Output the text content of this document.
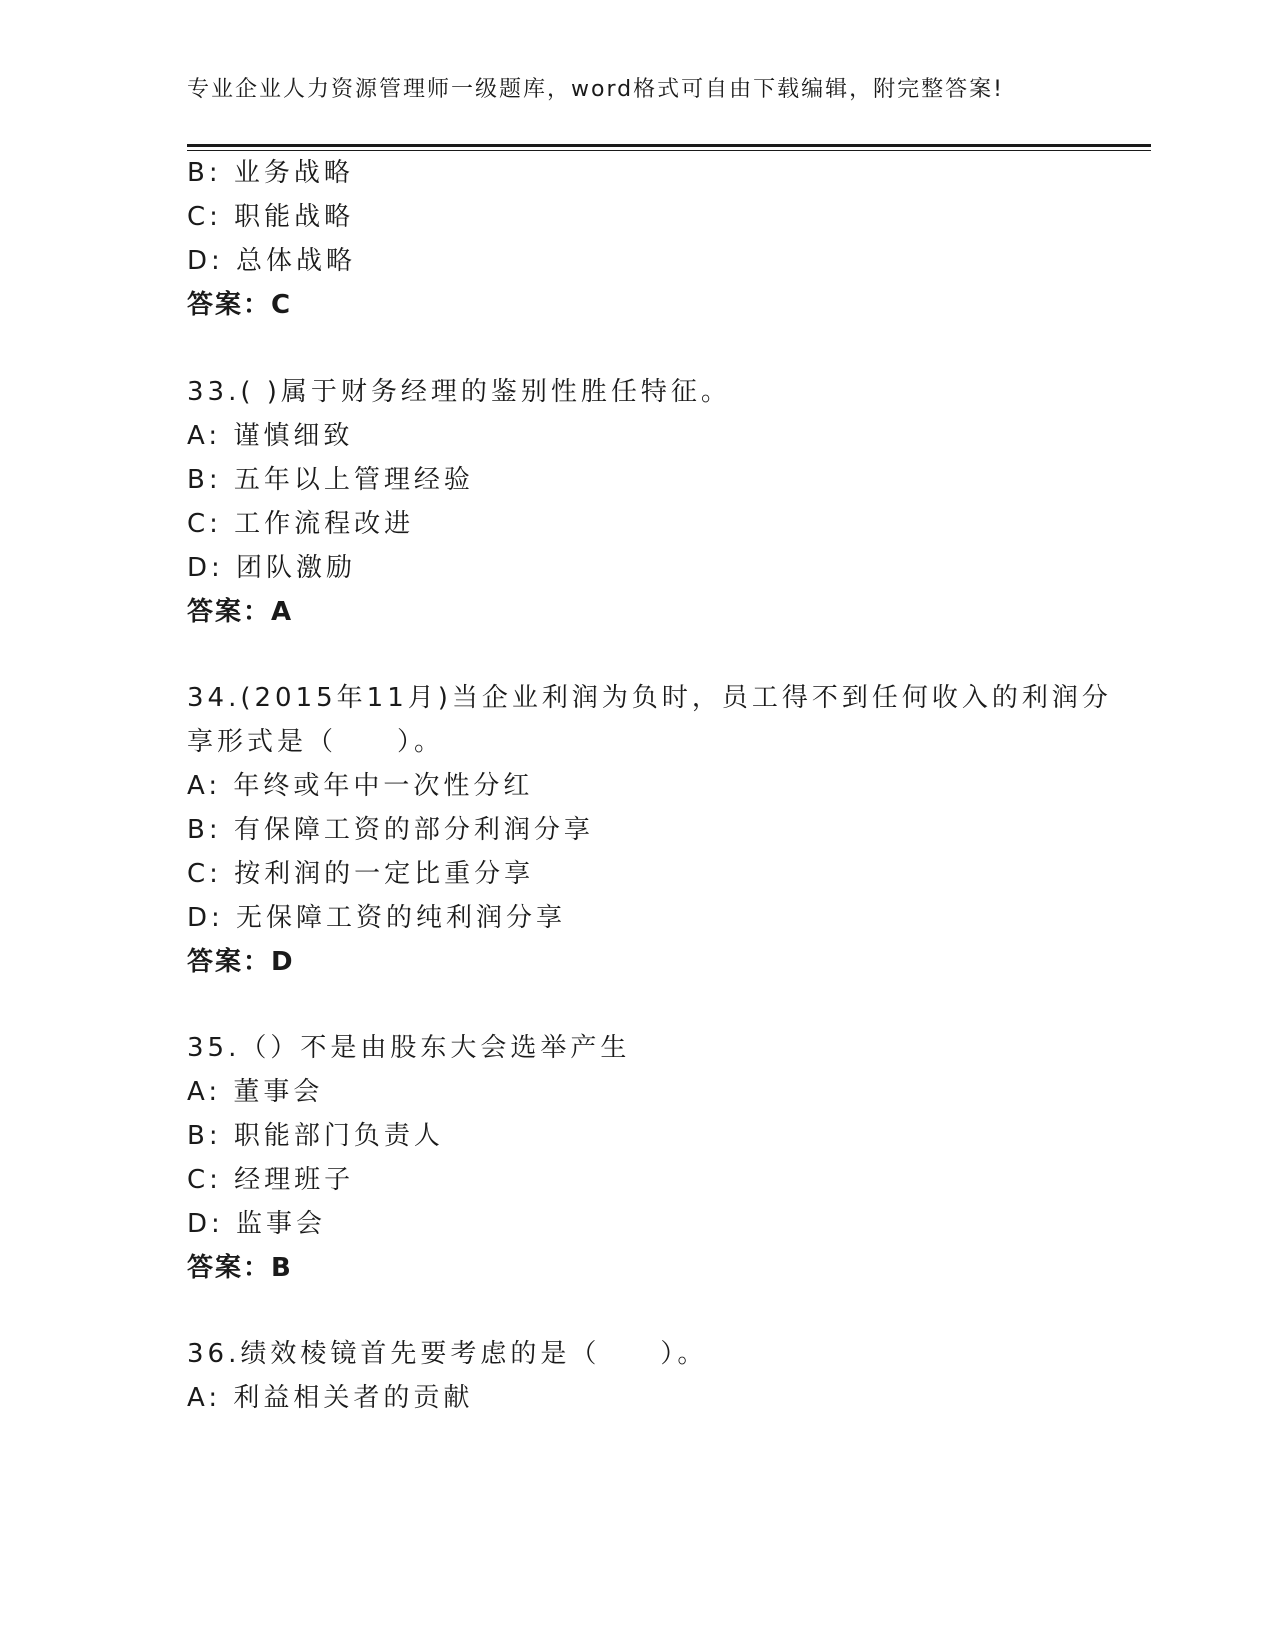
专业企业人力资源管理师一级题库，word格式可自由下载编辑，附完整答案!
B: 业务战略
C: 职能战略
D: 总体战略
答案：C
33.( )属于财务经理的鉴别性胜任特征。
A: 谨慎细致
B: 五年以上管理经验
C: 工作流程改进
D: 团队激励
答案：A
34.(2015年11月)当企业利润为负时，员工得不到任何收入的利润分
享形式是（　　）。
A: 年终或年中一次性分红
B: 有保障工资的部分利润分享
C: 按利润的一定比重分享
D: 无保障工资的纯利润分享
答案：D
35.（）不是由股东大会选举产生
A: 董事会
B: 职能部门负责人
C: 经理班子
D: 监事会
答案：B
36.绩效棱镜首先要考虑的是（　　）。
A: 利益相关者的贡献
